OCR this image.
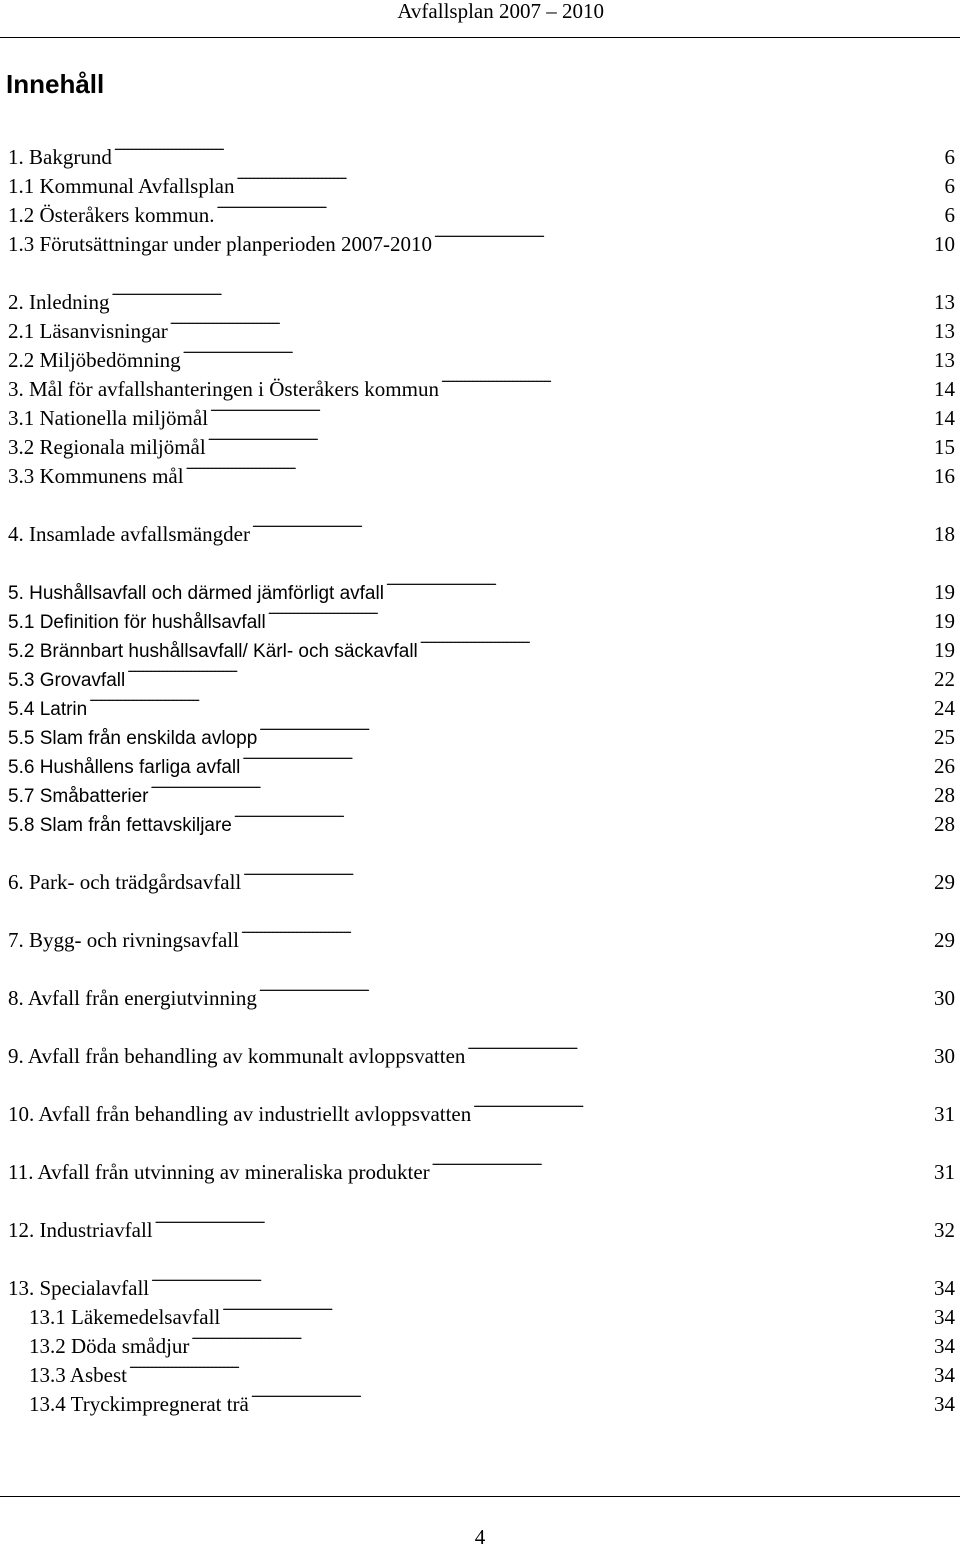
Avfallsplan 2007 – 2010
Innehåll
1. Bakgrund . . .	6
1.1 Kommunal Avfallsplan . . .	6
1.2 Österåkers kommun. . . .	6
1.3 Förutsättningar under planperioden 2007-2010 . . .	10
2. Inledning . . .	13
2.1 Läsanvisningar . . .	13
2.2 Miljöbedömning . . .	13
3. Mål för avfallshanteringen i Österåkers kommun . . .	14
3.1 Nationella miljömål . . .	14
3.2 Regionala miljömål . . .	15
3.3 Kommunens mål . . .	16
4. Insamlade avfallsmängder . . .	18
5. Hushållsavfall och därmed jämförligt avfall . . .	19
5.1 Definition för hushållsavfall . . .	19
5.2 Brännbart hushållsavfall/ Kärl- och säckavfall . . .	19
5.3 Grovavfall . . .	22
5.4 Latrin . . .	24
5.5 Slam från enskilda avlopp . . .	25
5.6 Hushållens farliga avfall . . .	26
5.7 Småbatterier . . .	28
5.8 Slam från fettavskiljare . . .	28
6. Park- och trädgårdsavfall . . .	29
7. Bygg- och rivningsavfall . . .	29
8. Avfall från energiutvinning . . .	30
9. Avfall från behandling av kommunalt avloppsvatten . . .	30
10. Avfall från behandling av industriellt avloppsvatten . . .	31
11. Avfall från utvinning av mineraliska produkter . . .	31
12. Industriavfall . . .	32
13. Specialavfall . . .	34
13.1 Läkemedelsavfall . . .	34
13.2 Döda smådjur . . .	34
13.3 Asbest . . .	34
13.4 Tryckimpregnerat trä . . .	34
4
